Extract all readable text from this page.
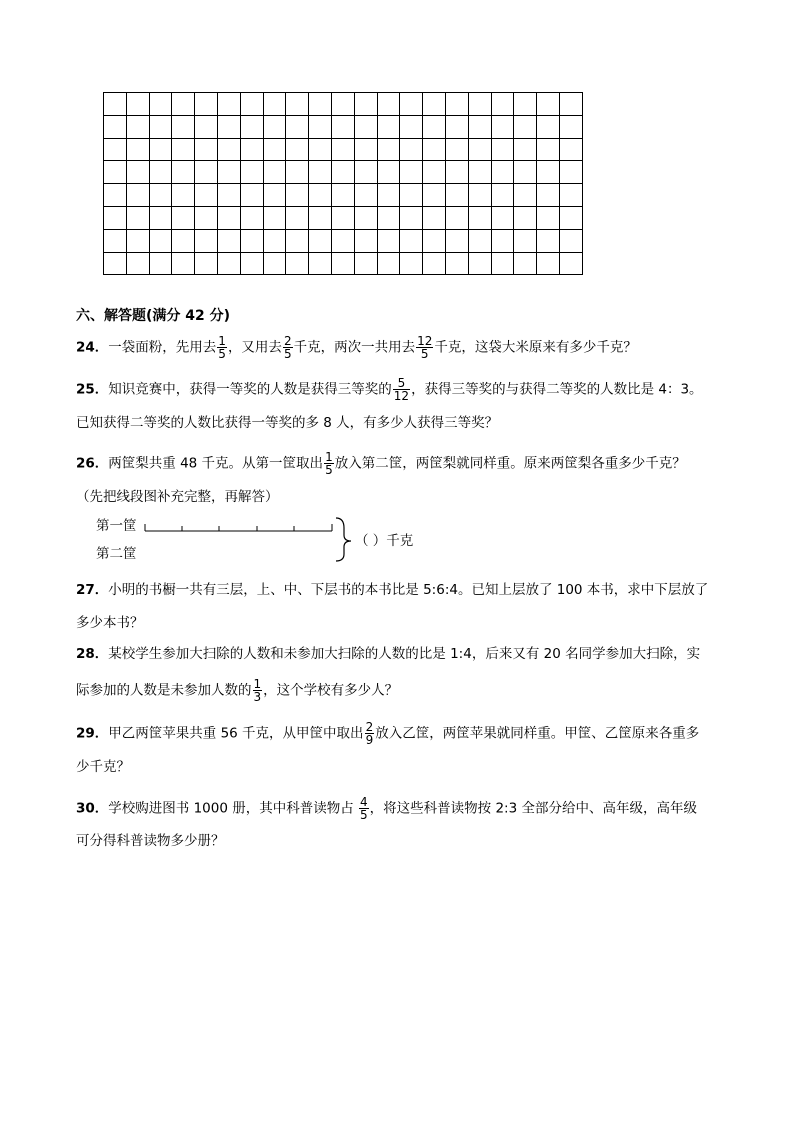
六、解答题(满分 42 分)
24．一袋面粉，先用去 $\frac{1}{5}$ ，又用去 $\frac{2}{5}$ 千克，两次一共用去 $\frac{12}{5}$ 千克，这袋大米原来有多少千克？
25．知识竞赛中，获得一等奖的人数是获得三等奖的 $\frac{5}{12}$ ，获得三等奖的与获得二等奖的人数比是 4：3。
已知获得二等奖的人数比获得一等奖的多 8 人，有多少人获得三等奖？
26．两筐梨共重 48 千克。从第一筐取出 $\frac{1}{5}$ 放入第二筐，两筐梨就同样重。原来两筐梨各重多少千克？
（先把线段图补充完整，再解答）
第一筐
第二筐
（ ）千克
27．小明的书橱一共有三层，上、中、下层书的本书比是 5:6:4。已知上层放了 100 本书，求中下层放了
多少本书？
28．某校学生参加大扫除的人数和未参加大扫除的人数的比是 1:4，后来又有 20 名同学参加大扫除，实
际参加的人数是未参加人数的 $\frac{1}{3}$ ，这个学校有多少人？
29．甲乙两筐苹果共重 56 千克，从甲筐中取出 $\frac{2}{9}$ 放入乙筐，两筐苹果就同样重。甲筐、乙筐原来各重多
少千克？
30．学校购进图书 1000 册，其中科普读物占 $\frac{4}{5}$ ，将这些科普读物按 2:3 全部分给中、高年级，高年级
可分得科普读物多少册？
